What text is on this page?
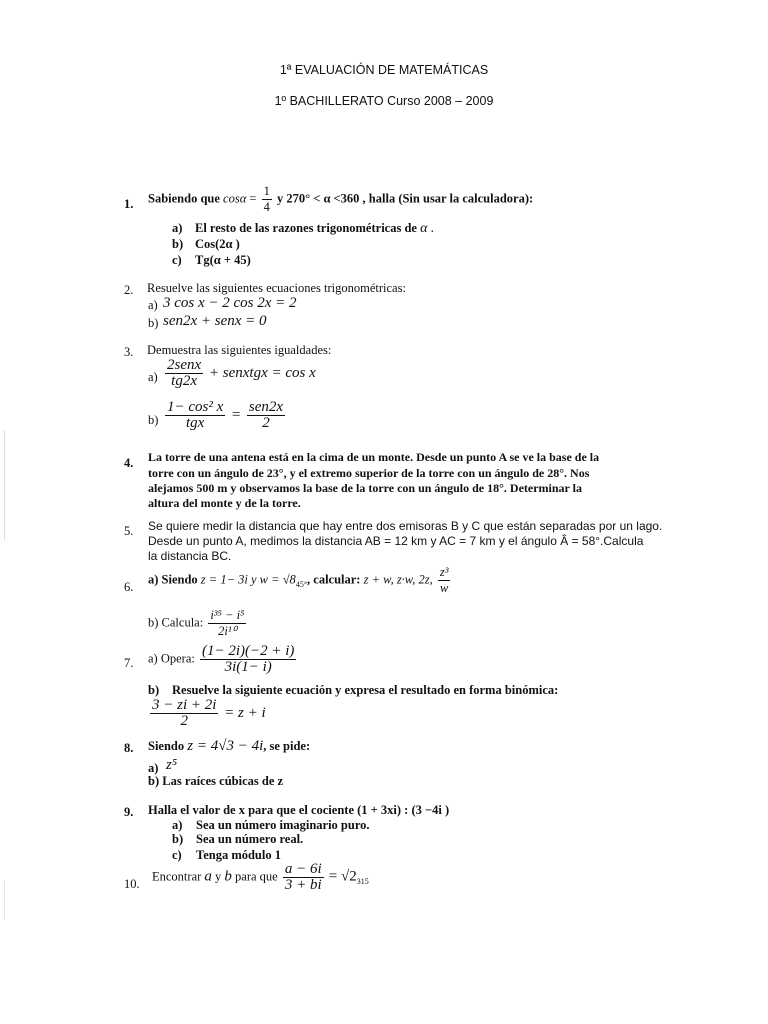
1ª EVALUACIÓN DE MATEMÁTICAS
1º BACHILLERATO Curso 2008 – 2009
1. Sabiendo que $\cos\alpha = \frac{1}{4}$ y 270° < α <360 , halla (Sin usar la calculadora):
a) El resto de las razones trigonométricas de α .
b) Cos(2α )
c) Tg(α + 45)
2. Resuelve las siguientes ecuaciones trigonométricas:
a) 3 cos x − 2 cos 2x = 2
b) sen2x + senx = 0
3. Demuestra las siguientes igualdades:
$a) \frac{\text{2senx}}{tg2x}$ + senxtgx = cos x
$b) \frac{\text{1− cos² x}}{\text{tgx}} = \frac{\text{sen2x}}{2}$
4. La torre de una antena está en la cima de un monte. Desde un punto A se ve la base de la
torre con un ángulo de 23°, y el extremo superior de la torre con un ángulo de 28°. Nos
alejamos 500 m y observamos la base de la torre con un ángulo de 18°. Determinar la
altura del monte y de la torre.
5. Se quiere medir la distancia que hay entre dos emisoras B y C que están separadas por un lago.
Desde un punto A, medimos la distancia AB = 12 km y AC = 7 km y el ángulo Â = 58°.Calcula
la distancia BC.
6.
a) Siendo z = 1− 3i y $w = √8_{45^\circ}$, calcular: z + w, z·w, 2z, $\frac{\text{z³}}{w}$
b) Calcula: $\frac{\text{i³⁵ − i⁵}}{\text{2i¹⁰}}$
7. a) Opera: $\frac{(1- 2i)(-2 + i)}{3i(1- i)}$
b) Resuelve la siguiente ecuación y expresa el resultado en forma binómica:
$\frac{3 - zi + 2i}{2} = z + i$
8. Siendo z = 4√3 − 4i, se pide:
a) z⁵
b) Las raíces cúbicas de z
9. Halla el valor de x para que el cociente (1 + 3xi) : (3 −4i )
a) Sea un número imaginario puro.
b) Sea un número real.
c) Tenga módulo 1
10.
Encontrar a y b para que $\frac{a - 6i}{3 + bi} = √2_{315}$
